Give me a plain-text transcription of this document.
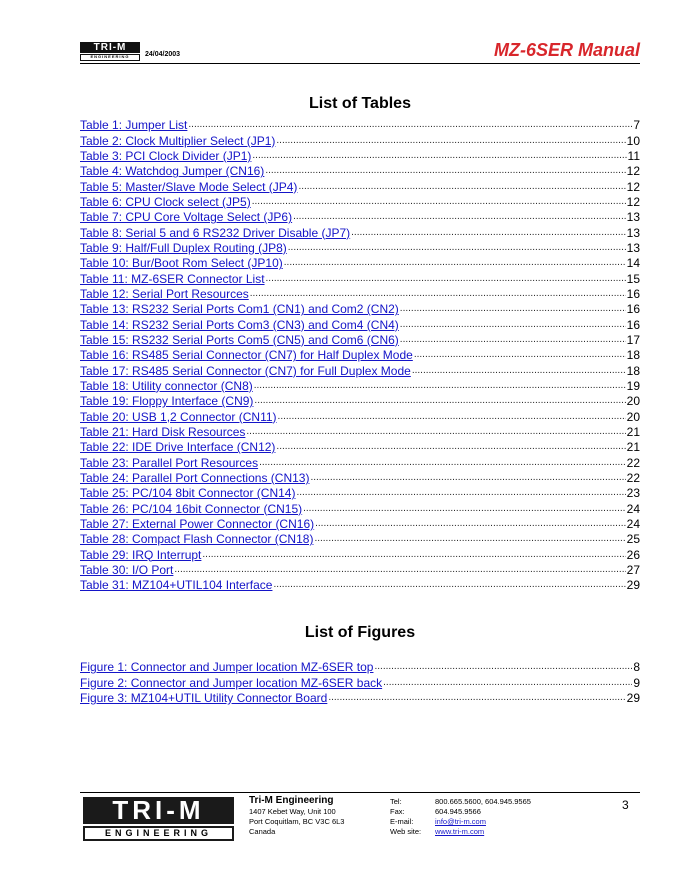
TRI-M
ENGINEERING	24/04/2003	MZ-6SER Manual
List of Tables
Table 1: Jumper List .....	7
Table 2: Clock Multiplier Select (JP1) .....	10
Table 3: PCI Clock Divider (JP1) .....	11
Table 4: Watchdog Jumper (CN16) .....	12
Table 5: Master/Slave Mode Select (JP4) .....	12
Table 6: CPU Clock select (JP5) .....	12
Table 7: CPU Core Voltage Select (JP6) .....	13
Table 8: Serial 5 and 6 RS232 Driver Disable (JP7) .....	13
Table 9: Half/Full Duplex Routing (JP8) .....	13
Table 10: Bur/Boot Rom Select (JP10) .....	14
Table 11: MZ-6SER Connector List .....	15
Table 12: Serial Port Resources .....	16
Table 13: RS232 Serial Ports Com1 (CN1) and Com2 (CN2) .....	16
Table 14: RS232 Serial Ports Com3 (CN3) and Com4 (CN4) .....	16
Table 15: RS232 Serial Ports Com5 (CN5) and Com6 (CN6) .....	17
Table 16: RS485 Serial Connector (CN7) for Half Duplex Mode .....	18
Table 17: RS485 Serial Connector (CN7) for Full Duplex Mode .....	18
Table 18: Utility connector (CN8) .....	19
Table 19: Floppy Interface (CN9) .....	20
Table 20: USB 1,2 Connector (CN11) .....	20
Table 21: Hard Disk Resources .....	21
Table 22: IDE Drive Interface (CN12) .....	21
Table 23: Parallel Port Resources .....	22
Table 24: Parallel Port Connections (CN13) .....	22
Table 25: PC/104 8bit Connector (CN14) .....	23
Table 26: PC/104 16bit Connector (CN15) .....	24
Table 27: External Power Connector (CN16) .....	24
Table 28: Compact Flash Connector (CN18) .....	25
Table 29: IRQ Interrupt .....	26
Table 30: I/O Port .....	27
Table 31: MZ104+UTIL104 Interface .....	29
List of Figures
Figure 1: Connector and Jumper location MZ-6SER top .....	8
Figure 2: Connector and Jumper location MZ-6SER back .....	9
Figure 3: MZ104+UTIL Utility Connector Board .....	29
TRI-M
ENGINEERING
Tri-M Engineering
1407 Kebet Way, Unit 100
Port Coquitlam, BC V3C 6L3
Canada
Tel:	800.665.5600, 604.945.9565
Fax:	604.945.9566
E-mail:	info@tri-m.com
Web site:	www.tri-m.com
3
